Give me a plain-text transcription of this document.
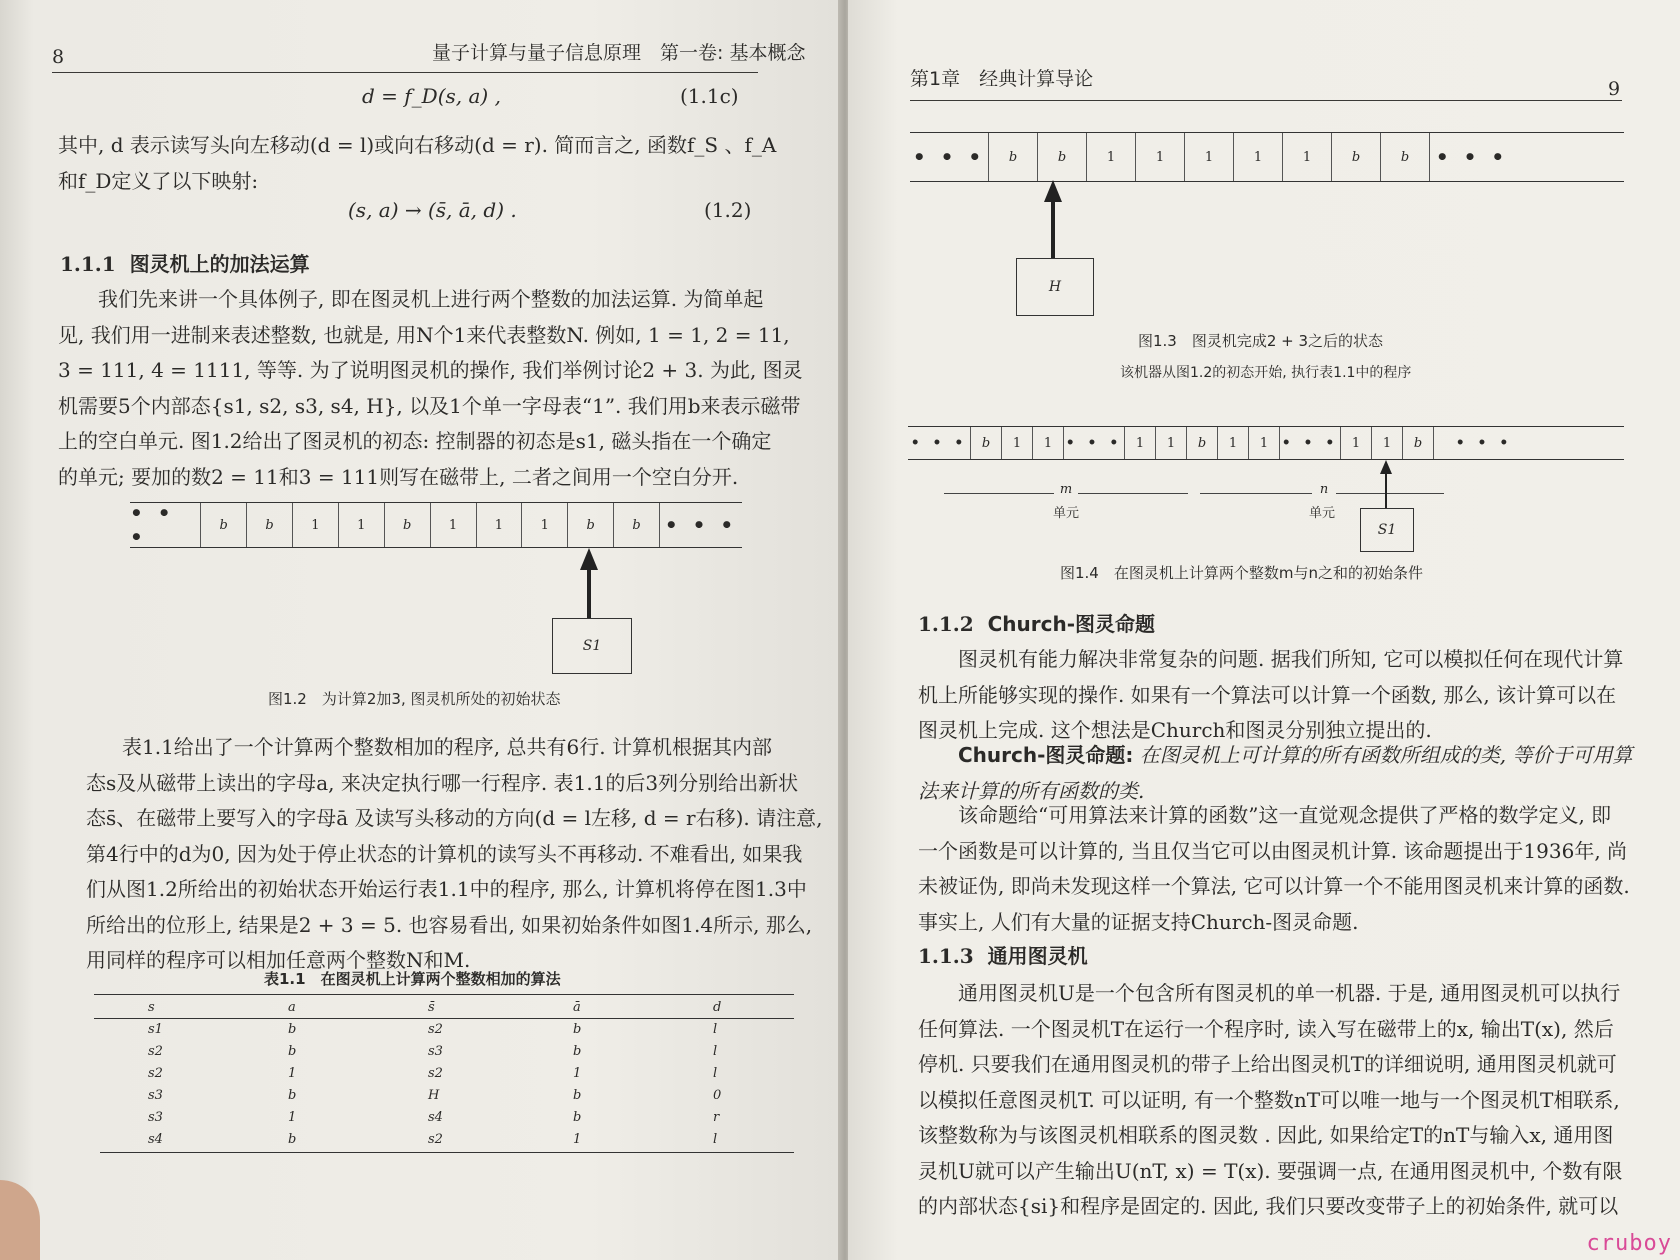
8	量子计算与量子信息原理　第一卷: 基本概念
d = f_D(s, a) ,	(1.1c)
其中, d 表示读写头向左移动(d = l)或向右移动(d = r). 简而言之, 函数f_S 、f_A
和f_D定义了以下映射:
(s, a) → (s̄, ā, d) .	(1.2)
1.1.1 图灵机上的加法运算
我们先来讲一个具体例子, 即在图灵机上进行两个整数的加法运算. 为简单起
见, 我们用一进制来表述整数, 也就是, 用N个1来代表整数N. 例如, 1 = 1, 2 = 11,
3 = 111, 4 = 1111, 等等. 为了说明图灵机的操作, 我们举例讨论2 + 3. 为此, 图灵
机需要5个内部态{s1, s2, s3, s4, H}, 以及1个单一字母表“1”. 我们用b来表示磁带
上的空白单元. 图1.2给出了图灵机的初态: 控制器的初态是s1, 磁头指在一个确定
的单元; 要加的数2 = 11和3 = 111则写在磁带上, 二者之间用一个空白分开.
• • •	b	b	1	1	b	1	1	1	b	b	• • •
S1
图1.2　为计算2加3, 图灵机所处的初始状态
表1.1给出了一个计算两个整数相加的程序, 总共有6行. 计算机根据其内部
态s及从磁带上读出的字母a, 来决定执行哪一行程序. 表1.1的后3列分别给出新状
态s̄、在磁带上要写入的字母ā 及读写头移动的方向(d = l左移, d = r右移). 请注意,
第4行中的d为0, 因为处于停止状态的计算机的读写头不再移动. 不难看出, 如果我
们从图1.2所给出的初始状态开始运行表1.1中的程序, 那么, 计算机将停在图1.3中
所给出的位形上, 结果是2 + 3 = 5. 也容易看出, 如果初始条件如图1.4所示, 那么,
用同样的程序可以相加任意两个整数N和M.
表1.1　在图灵机上计算两个整数相加的算法
s	a	s̄	ā	d
s1	b	s2	b	l
s2	b	s3	b	l
s2	1	s2	1	l
s3	b	H	b	0
s3	1	s4	b	r
s4	b	s2	1	l
第1章　经典计算导论	9
• • •	b	b	1	1	1	1	1	b	b	• • •
H
图1.3　图灵机完成2 + 3之后的状态
该机器从图1.2的初态开始, 执行表1.1中的程序
• • •	b	1	1 • • •	1	1	b	1	1 • • •	1	1	b	• • •
m
单元
n
单元
S1
图1.4　在图灵机上计算两个整数m与n之和的初始条件
1.1.2 Church-图灵命题
图灵机有能力解决非常复杂的问题. 据我们所知, 它可以模拟任何在现代计算
机上所能够实现的操作. 如果有一个算法可以计算一个函数, 那么, 该计算可以在
图灵机上完成. 这个想法是Church和图灵分别独立提出的.
Church-图灵命题: 在图灵机上可计算的所有函数所组成的类, 等价于可用算
法来计算的所有函数的类.
该命题给“可用算法来计算的函数”这一直觉观念提供了严格的数学定义, 即
一个函数是可以计算的, 当且仅当它可以由图灵机计算. 该命题提出于1936年, 尚
未被证伪, 即尚未发现这样一个算法, 它可以计算一个不能用图灵机来计算的函数.
事实上, 人们有大量的证据支持Church-图灵命题.
1.1.3 通用图灵机
通用图灵机U是一个包含所有图灵机的单一机器. 于是, 通用图灵机可以执行
任何算法. 一个图灵机T在运行一个程序时, 读入写在磁带上的x, 输出T(x), 然后
停机. 只要我们在通用图灵机的带子上给出图灵机T的详细说明, 通用图灵机就可
以模拟任意图灵机T. 可以证明, 有一个整数nT可以唯一地与一个图灵机T相联系,
该整数称为与该图灵机相联系的图灵数 . 因此, 如果给定T的nT与输入x, 通用图
灵机U就可以产生输出U(nT, x) = T(x). 要强调一点, 在通用图灵机中, 个数有限
的内部状态{si}和程序是固定的. 因此, 我们只要改变带子上的初始条件, 就可以
cruboy
